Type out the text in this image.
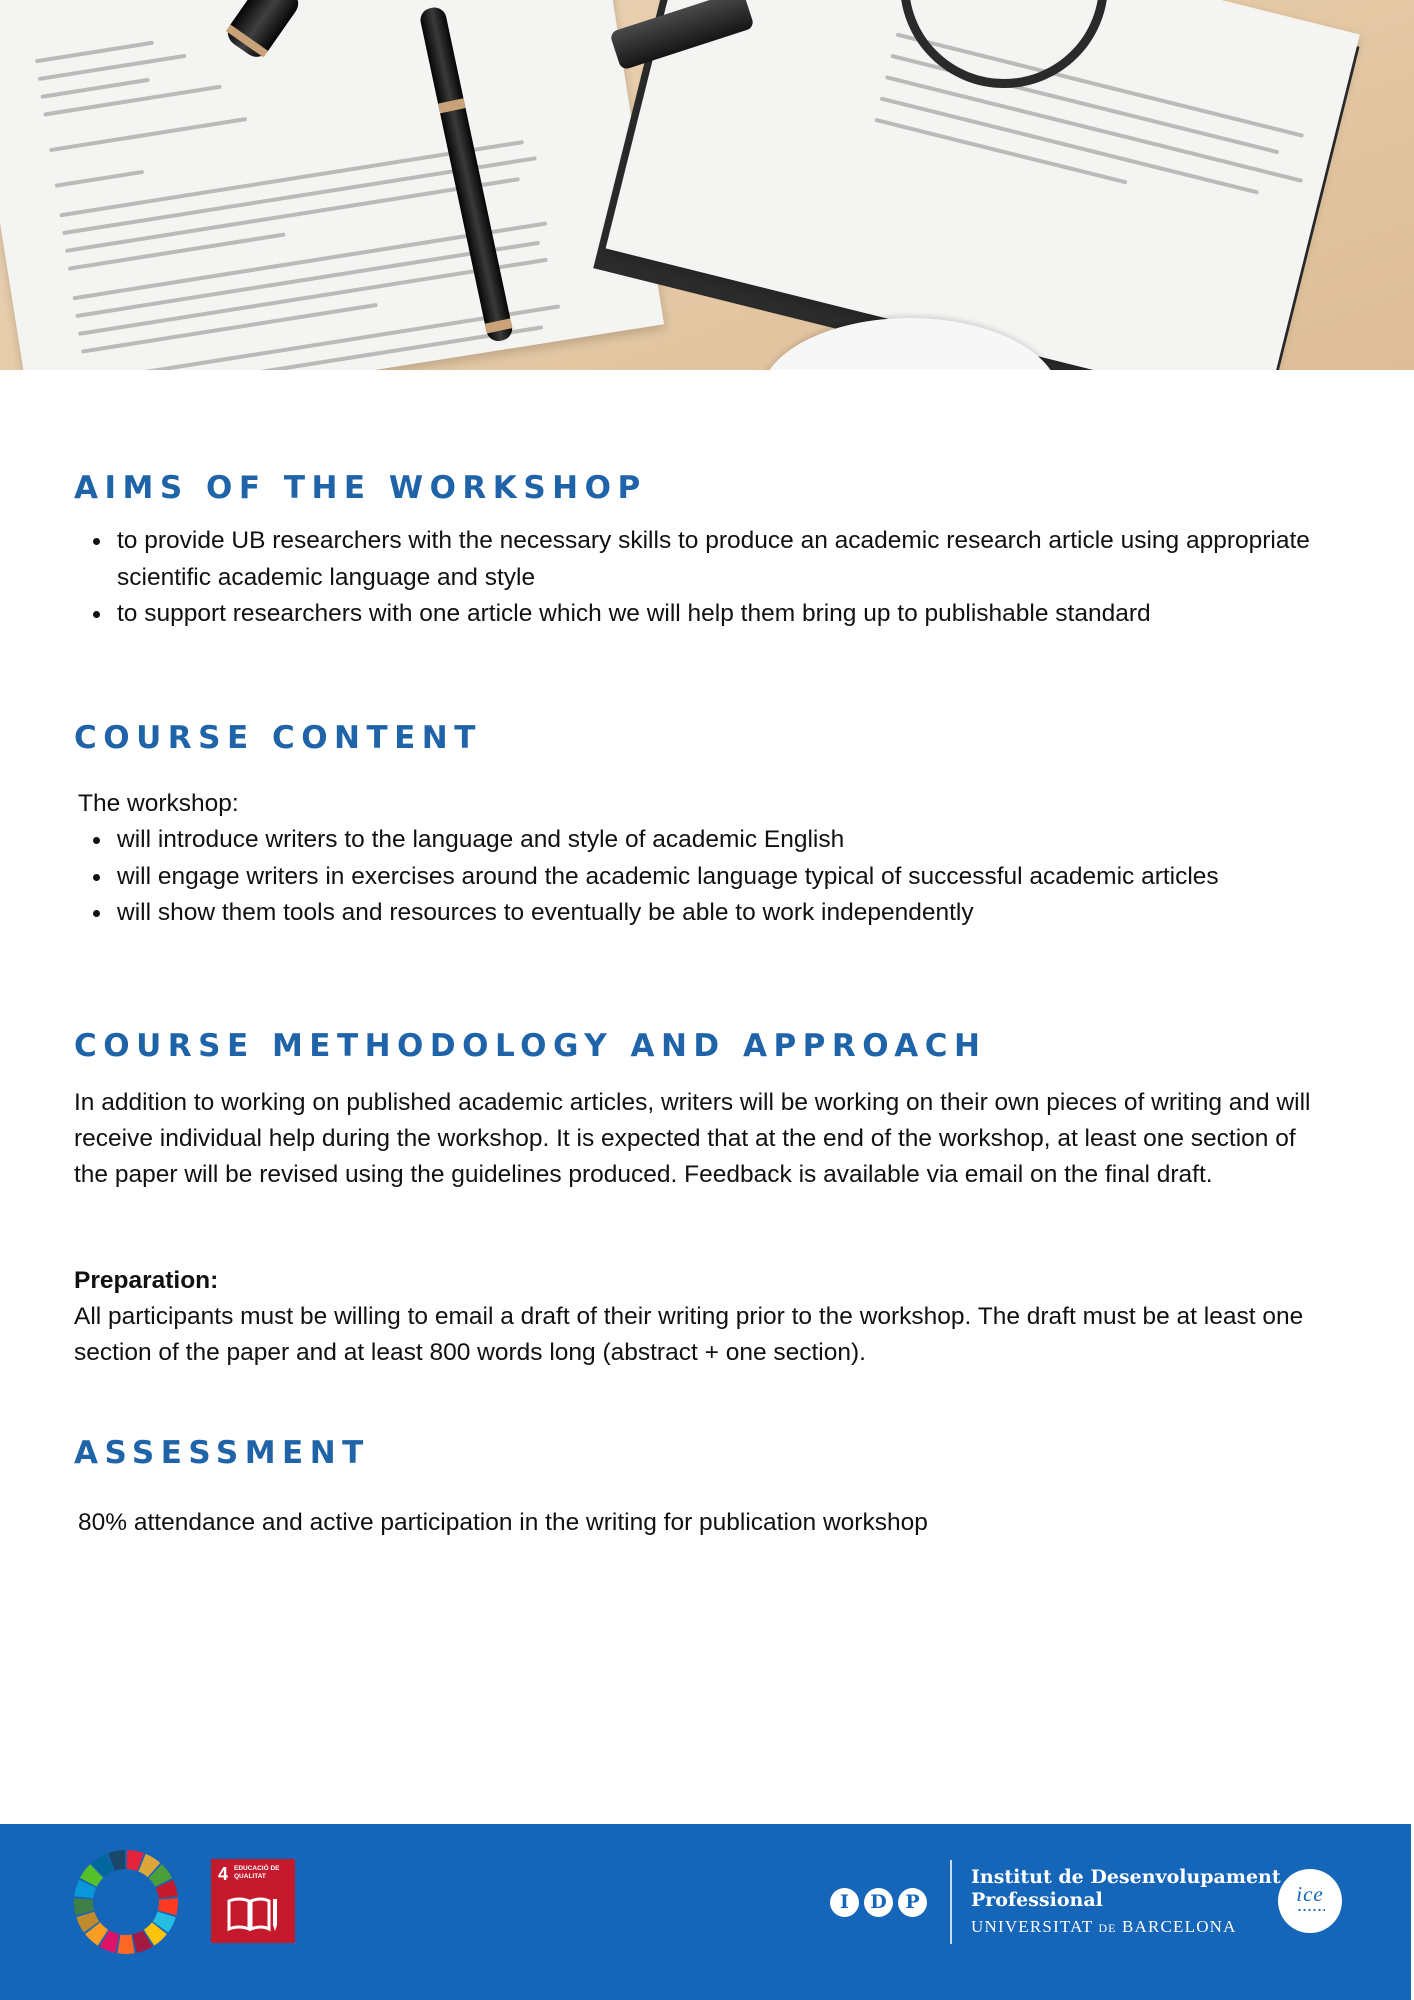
AIMS OF THE WORKSHOP
to provide UB researchers with the necessary skills to produce an academic research article using appropriate scientific academic language and style
to support researchers with one article which we will help them bring up to publishable standard
COURSE CONTENT
The workshop:
will introduce writers to the language and style of academic English
will engage writers in exercises around the academic language typical of successful academic articles
will show them tools and resources to eventually be able to work independently
COURSE METHODOLOGY AND APPROACH
In addition to working on published academic articles, writers will be working on their own pieces of writing and will receive individual help during the workshop. It is expected that at the end of the workshop, at least one section of the paper will be revised using the guidelines produced. Feedback is available via email on the final draft.
Preparation:
All participants must be willing to email a draft of their writing prior to the workshop. The draft must be at least one section of the paper and at least 800 words long (abstract + one section).
ASSESSMENT
80% attendance and active participation in the writing for publication workshop
4 EDUCACIÓ DE QUALITAT
I	D P
Institut de Desenvolupament
Professional
UNIVERSITAT DE BARCELONA
ice
